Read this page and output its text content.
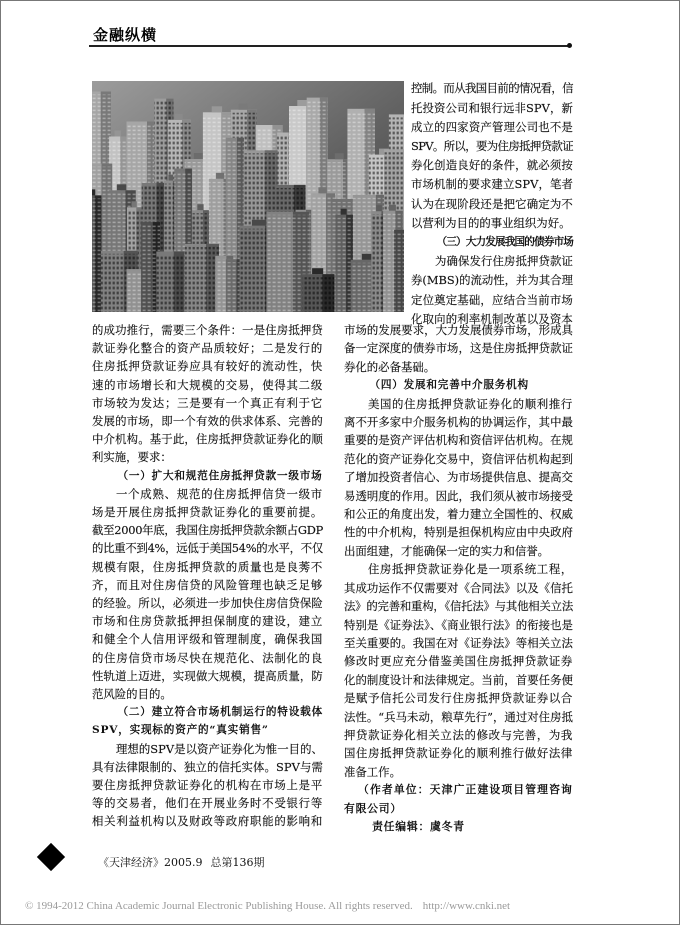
金融纵横
的成功推行，需要三个条件：一是住房抵押贷
款证券化整合的资产品质较好；二是发行的
住房抵押贷款证券应具有较好的流动性，快
速的市场增长和大规模的交易，使得其二级
市场较为发达；三是要有一个真正有利于它
发展的市场，即一个有效的供求体系、完善的
中介机构。基于此，住房抵押贷款证券化的顺
利实施，要求：
（一）扩大和规范住房抵押贷款一级市场
一个成熟、规范的住房抵押信贷一级市
场是开展住房抵押贷款证券化的重要前提。
截至2000年底，我国住房抵押贷款余额占GDP
的比重不到4%，远低于美国54%的水平，不仅
规模有限，住房抵押贷款的质量也是良莠不
齐，而且对住房信贷的风险管理也缺乏足够
的经验。所以，必须进一步加快住房信贷保险
市场和住房贷款抵押担保制度的建设，建立
和健全个人信用评级和管理制度，确保我国
的住房信贷市场尽快在规范化、法制化的良
性轨道上迈进，实现做大规模，提高质量，防
范风险的目的。
（二）建立符合市场机制运行的特设载体
SPV，实现标的资产的“真实销售”
理想的SPV是以资产证券化为惟一目的、
具有法律限制的、独立的信托实体。SPV与需
要住房抵押贷款证券化的机构在市场上是平
等的交易者，他们在开展业务时不受银行等
相关利益机构以及财政等政府职能的影响和
控制。而从我国目前的情况看，信
托投资公司和银行远非SPV，新
成立的四家资产管理公司也不是
SPV。所以，要为住房抵押贷款证
券化创造良好的条件，就必须按
市场机制的要求建立SPV，笔者
认为在现阶段还是把它确定为不
以营利为目的的事业组织为好。
（三）大力发展我国的债券市场
为确保发行住房抵押贷款证
券(MBS)的流动性，并为其合理
定位奠定基础，应结合当前市场
化取向的利率机制改革以及资本
市场的发展要求，大力发展债券市场，形成具
备一定深度的债券市场，这是住房抵押贷款证
券化的必备基础。
（四）发展和完善中介服务机构
美国的住房抵押贷款证券化的顺利推行
离不开多家中介服务机构的协调运作，其中最
重要的是资产评估机构和资信评估机构。在规
范化的资产证券化交易中，资信评估机构起到
了增加投资者信心、为市场提供信息、提高交
易透明度的作用。因此，我们须从被市场接受
和公正的角度出发，着力建立全国性的、权威
性的中介机构，特别是担保机构应由中央政府
出面组建，才能确保一定的实力和信誉。
住房抵押贷款证券化是一项系统工程，
其成功运作不仅需要对《合同法》以及《信托
法》的完善和重构，《信托法》与其他相关立法
特别是《证券法》、《商业银行法》的衔接也是
至关重要的。我国在对《证券法》等相关立法
修改时更应充分借鉴美国住房抵押贷款证券
化的制度设计和法律规定。当前，首要任务便
是赋予信托公司发行住房抵押贷款证券以合
法性。“兵马未动，粮草先行”，通过对住房抵
押贷款证券化相关立法的修改与完善，为我
国住房抵押贷款证券化的顺利推行做好法律
准备工作。
（作者单位：天津广正建设项目管理咨询
有限公司）
责任编辑：虞冬青
《天津经济》2005.9 总第136期
© 1994-2012 China Academic Journal Electronic Publishing House. All rights reserved. http://www.cnki.net
